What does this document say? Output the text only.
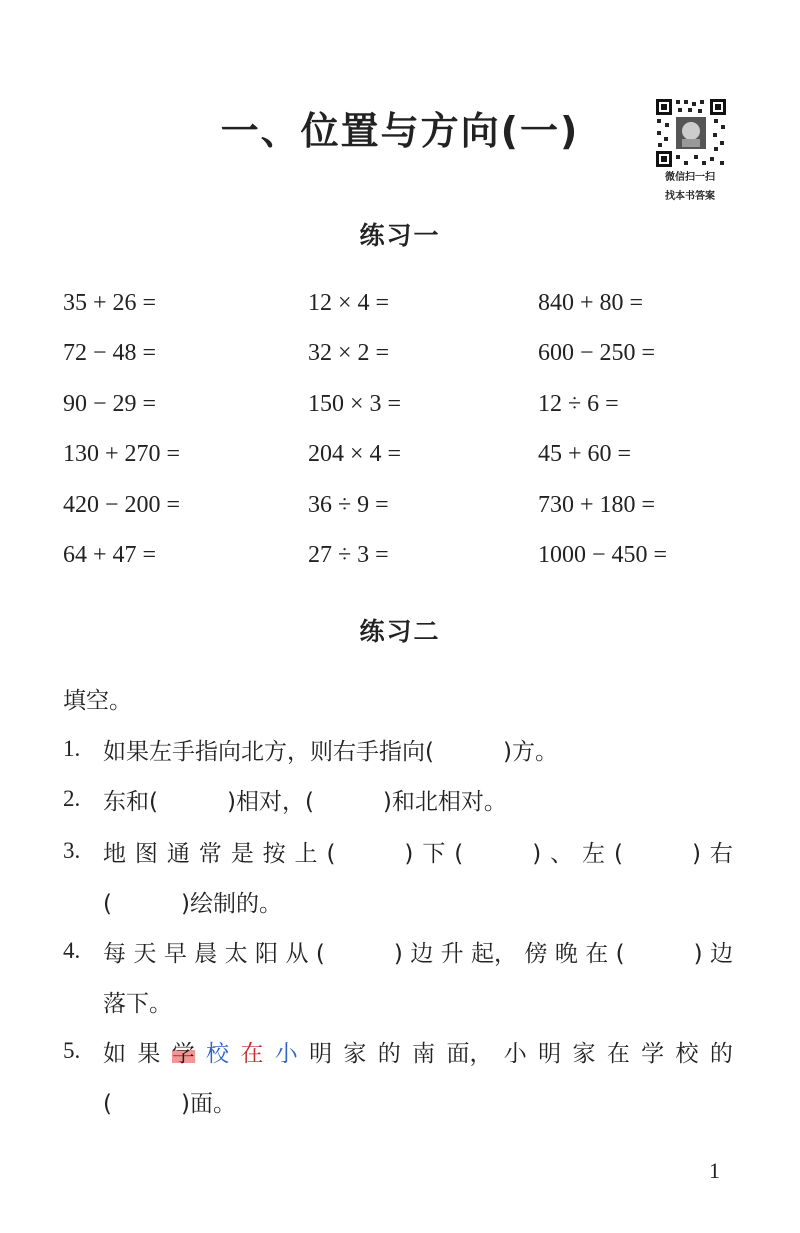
一、位置与方向(一)
微信扫一扫
找本书答案
练习一
35 + 26 =	12 × 4 =	840 + 80 =
72 − 48 =	32 × 2 =	600 − 250 =
90 − 29 =	150 × 3 =	12 ÷ 6 =
130 + 270 =	204 × 4 =	45 + 60 =
420 − 200 =	36 ÷ 9 =	730 + 180 =
64 + 47 =	27 ÷ 3 =	1000 − 450 =
练习二
填空。
1. 如果左手指向北方，则右手指向(　　　)方。
2. 东和(　　　)相对，(　　　)和北相对。
3. 地 图 通 常 是 按 上 (　　　) 下 (　　　) 、 左 (　　　) 右
(　　　)绘制的。
4. 每 天 早 晨 太 阳 从 (　　　) 边 升 起， 傍 晚 在 (　　　) 边
落下。
5. 如 果 学 校 在 小 明 家 的 南 面， 小 明 家 在 学 校 的
(　　　)面。
1
